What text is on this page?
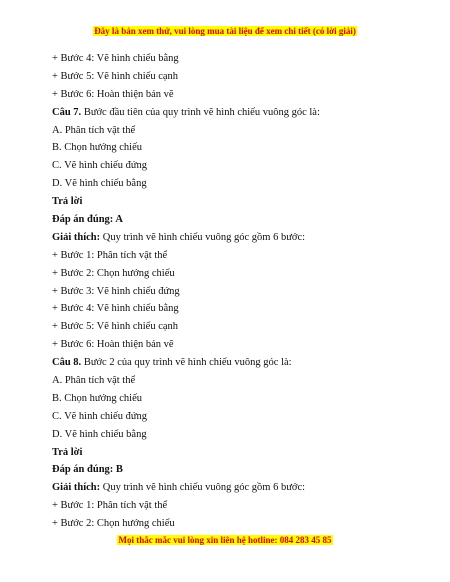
Đây là bản xem thử, vui lòng mua tài liệu để xem chi tiết (có lời giải)
+ Bước 4: Vẽ hình chiếu bằng
+ Bước 5: Vẽ hình chiếu cạnh
+ Bước 6: Hoàn thiện bản vẽ
Câu 7. Bước đầu tiên của quy trình vẽ hình chiếu vuông góc là:
A. Phân tích vật thể
B. Chọn hướng chiếu
C. Vẽ hình chiếu đứng
D. Vẽ hình chiếu bằng
Trả lời
Đáp án đúng: A
Giải thích: Quy trình vẽ hình chiếu vuông góc gồm 6 bước:
+ Bước 1: Phân tích vật thể
+ Bước 2: Chọn hướng chiếu
+ Bước 3: Vẽ hình chiếu đứng
+ Bước 4: Vẽ hình chiếu bằng
+ Bước 5: Vẽ hình chiếu cạnh
+ Bước 6: Hoàn thiện bản vẽ
Câu 8. Bước 2 của quy trình vẽ hình chiếu vuông góc là:
A. Phân tích vật thể
B. Chọn hướng chiếu
C. Vẽ hình chiếu đứng
D. Vẽ hình chiếu bằng
Trả lời
Đáp án đúng: B
Giải thích: Quy trình vẽ hình chiếu vuông góc gồm 6 bước:
+ Bước 1: Phân tích vật thể
+ Bước 2: Chọn hướng chiếu
Mọi thắc mắc vui lòng xin liên hệ hotline: 084 283 45 85
